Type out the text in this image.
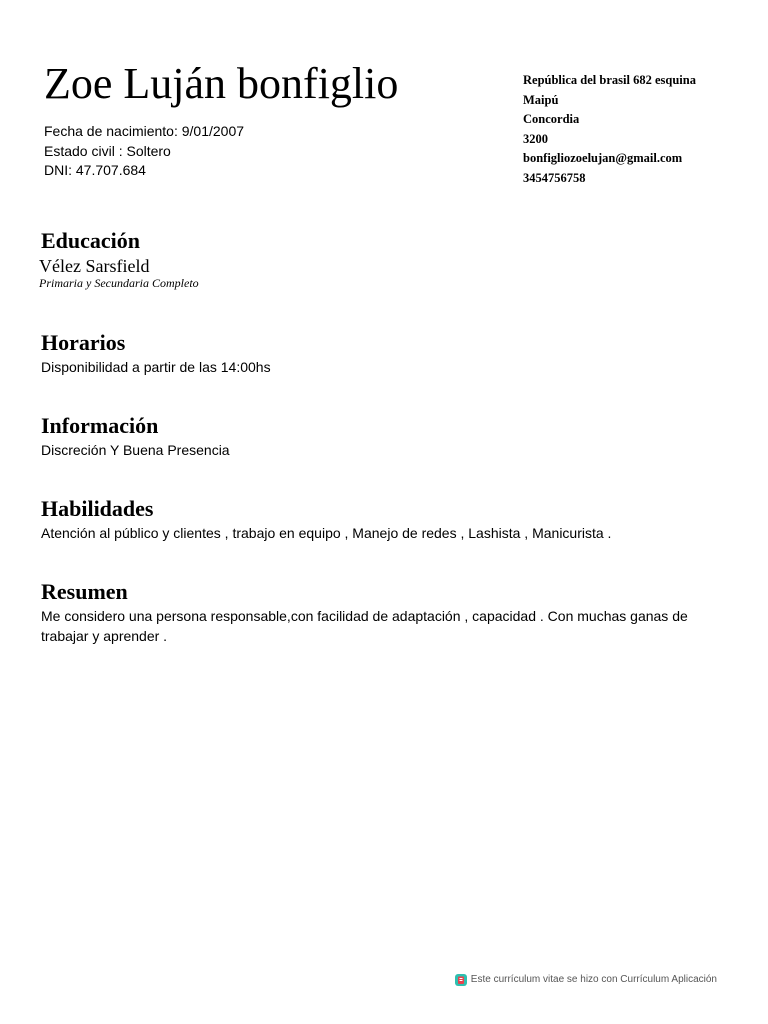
Zoe Luján bonfiglio
Fecha de nacimiento: 9/01/2007
Estado civil : Soltero
DNI: 47.707.684
República del brasil 682 esquina
Maipú
Concordia
3200
bonfigliozoelujan@gmail.com
3454756758
Educación
Vélez Sarsfield
Primaria y Secundaria Completo
Horarios
Disponibilidad a partir de las 14:00hs
Información
Discreción Y Buena Presencia
Habilidades
Atención al público y clientes , trabajo en equipo , Manejo de redes , Lashista , Manicurista .
Resumen
Me considero una persona responsable,con facilidad de adaptación , capacidad . Con muchas ganas de trabajar y aprender .
Este currículum vitae se hizo con Currículum Aplicación
